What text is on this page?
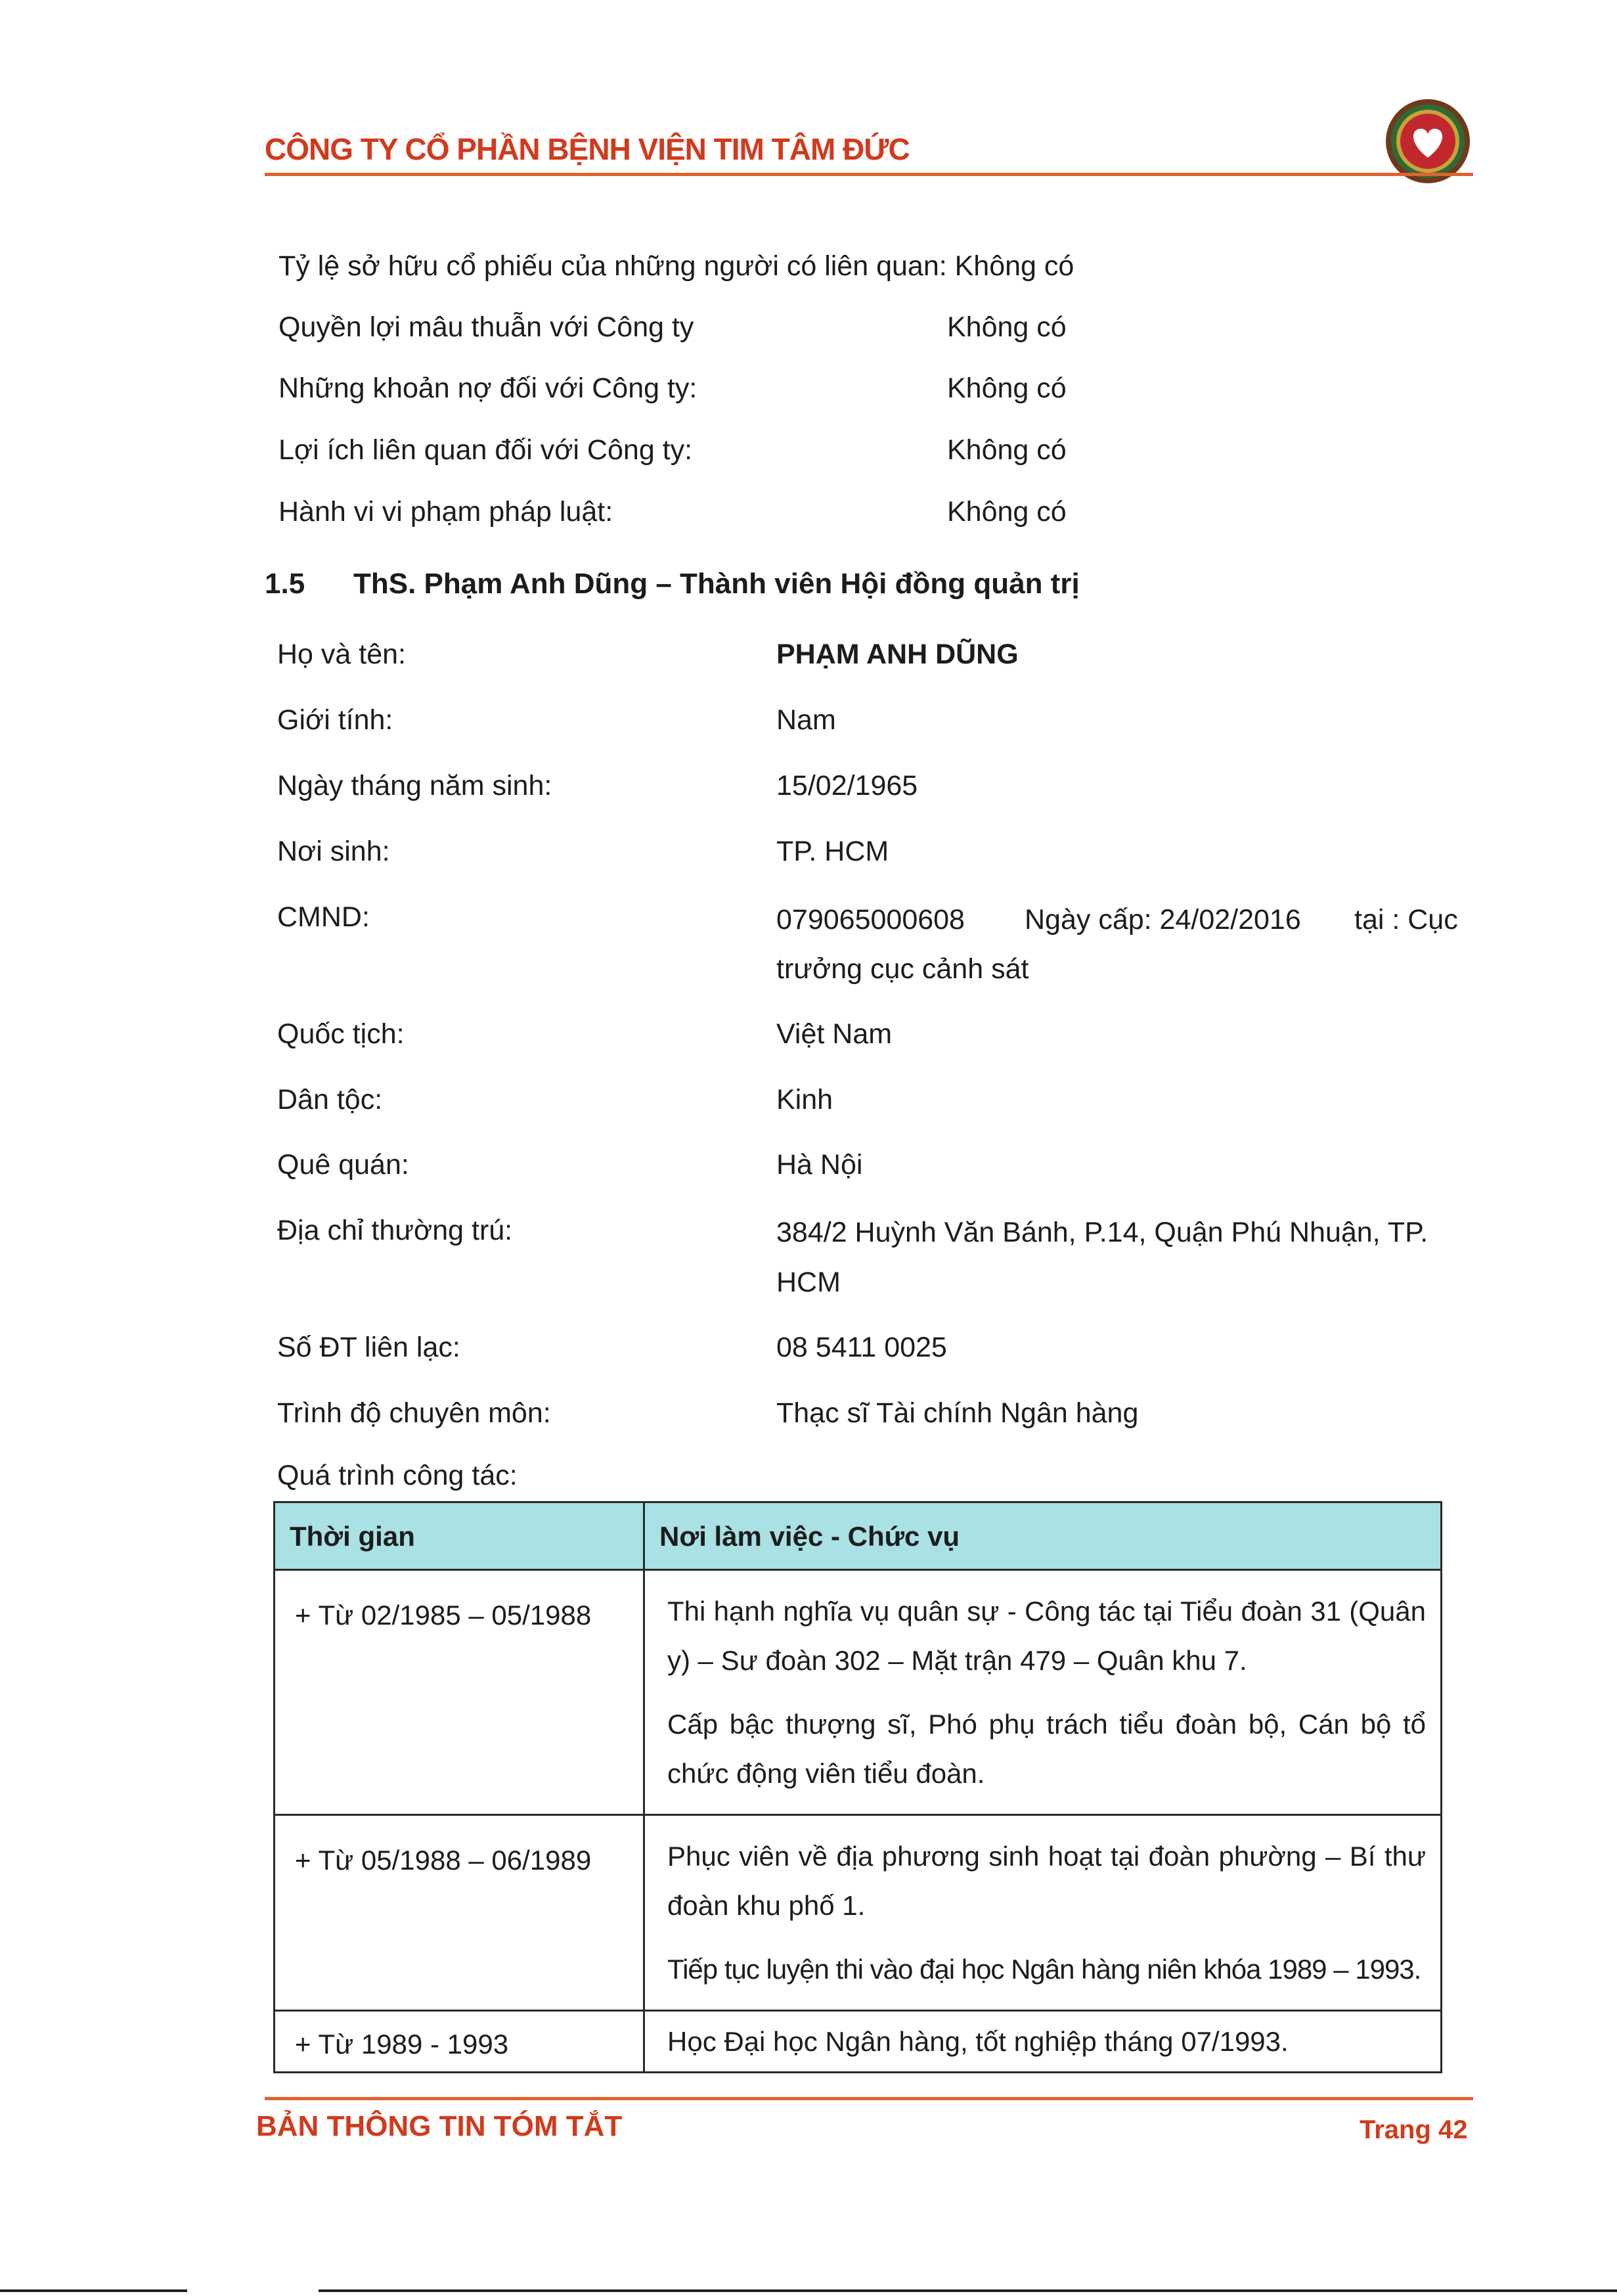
CÔNG TY CỔ PHẦN BỆNH VIỆN TIM TÂM ĐỨC
Tỷ lệ sở hữu cổ phiếu của những người có liên quan: Không có
Quyền lợi mâu thuẫn với Công ty	Không có
Những khoản nợ đối với Công ty:	Không có
Lợi ích liên quan đối với Công ty:	Không có
Hành vi vi phạm pháp luật:	Không có
1.5 ThS. Phạm Anh Dũng – Thành viên Hội đồng quản trị
Họ và tên:	PHẠM ANH DŨNG
Giới tính:	Nam
Ngày tháng năm sinh:	15/02/1965
Nơi sinh:	TP. HCM
CMND:	079065000608 Ngày cấp: 24/02/2016 tại : Cục
trưởng cục cảnh sát
Quốc tịch:	Việt Nam
Dân tộc:	Kinh
Quê quán:	Hà Nội
Địa chỉ thường trú:	384/2 Huỳnh Văn Bánh, P.14, Quận Phú Nhuận, TP.
HCM
Số ĐT liên lạc:	08 5411 0025
Trình độ chuyên môn:	Thạc sĩ Tài chính Ngân hàng
Quá trình công tác:
Thời gian	Nơi làm việc - Chức vụ
+ Từ 02/1985 – 05/1988	Thi hạnh nghĩa vụ quân sự - Công tác tại Tiểu đoàn 31 (Quân y) – Sư đoàn 302 – Mặt trận 479 – Quân khu 7.

Cấp bậc thượng sĩ, Phó phụ trách tiểu đoàn bộ, Cán bộ tổ chức động viên tiểu đoàn.

+ Từ 05/1988 – 06/1989	Phục viên về địa phương sinh hoạt tại đoàn phường – Bí thư đoàn khu phố 1.

Tiếp tục luyện thi vào đại học Ngân hàng niên khóa 1989 – 1993.

+ Từ 1989 - 1993	Học Đại học Ngân hàng, tốt nghiệp tháng 07/1993.

BẢN THÔNG TIN TÓM TẮT	Trang 42
